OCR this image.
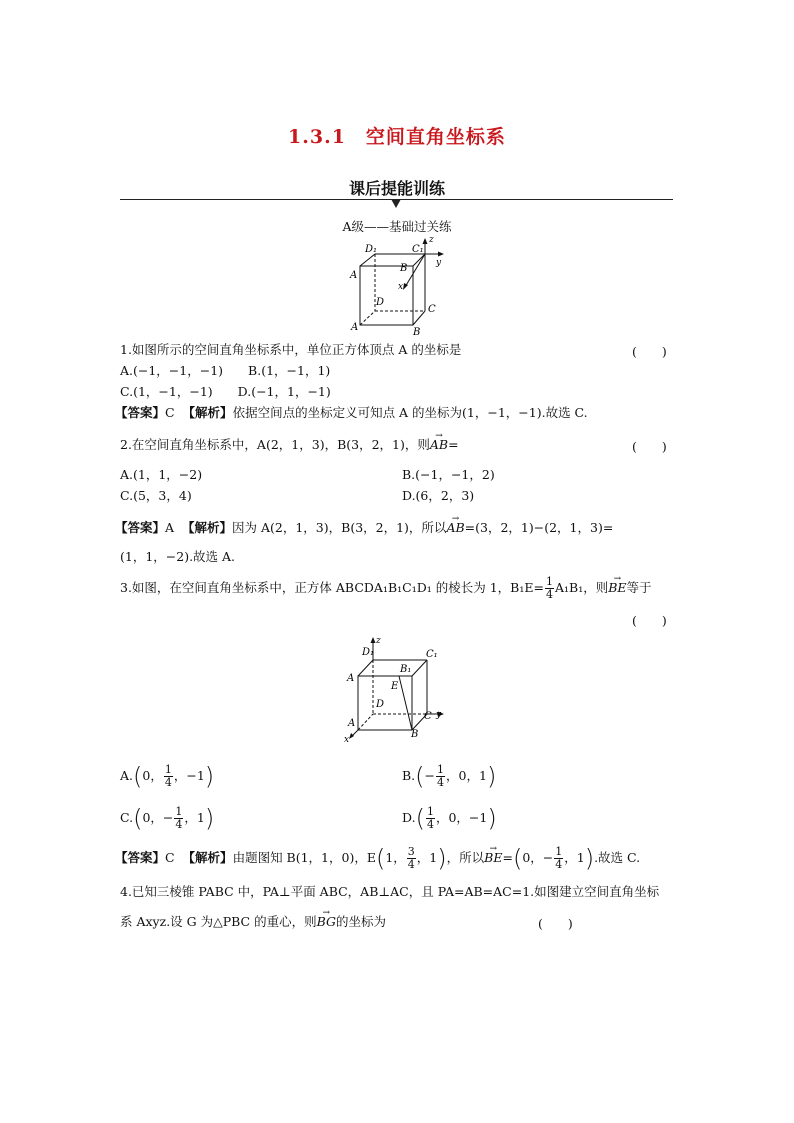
1.3.1　空间直角坐标系
课后提能训练
A级——基础过关练
D₁	C₁
z
y
A
B
x
D
C
A	B
1.如图所示的空间直角坐标系中，单位正方体顶点 A 的坐标是	(　　)
A.(−1，−1，−1)　　B.(1，−1，1)
C.(1，−1，−1)　　D.(−1，1，−1)
【答案】C 【解析】依据空间点的坐标定义可知点 A 的坐标为(1，−1，−1).故选 C.
2.在空间直角坐标系中，A(2，1，3)，B(3，2，1)，则→ AB=	(　　)
A.(1，1，−2)	B.(−1，−1，2)
C.(5，3，4)	D.(6，2，3)
【答案】A 【解析】因为 A(2，1，3)，B(3，2，1)，所以→ AB=(3，2，1)−(2，1，3)=
(1，1，−2).故选 A.
3.如图，在空间直角坐标系中，正方体 ABCDA₁B₁C₁D₁ 的棱长为 1，$B_1E= \frac{1}{4} A_1B_1$，则→ BE等于
(　　)
z
D₁	C₁
A
B₁
E
D
C y
A
B
x
A.(0， $\frac{1}{4}$ ，−1)	$B.(- \frac{1}{4}$ ，0，1)
C.(0，− $\frac{1}{4}$ ，1)	$D.( \frac{1}{4}$ ，0，−1)
【答案】C 【解析】由题图知 B(1，1，0)，E(1， $\frac{3}{4}$ ，1)，所以→ BE=(0，− $\frac{1}{4}$ ，1).故选 C.
4.已知三棱锥 PABC 中，PA⊥平面 ABC，AB⊥AC，且 PA=AB=AC=1.如图建立空间直角坐标
系 Axyz.设 G 为△PBC 的重心，则→ BG的坐标为	(　　)
